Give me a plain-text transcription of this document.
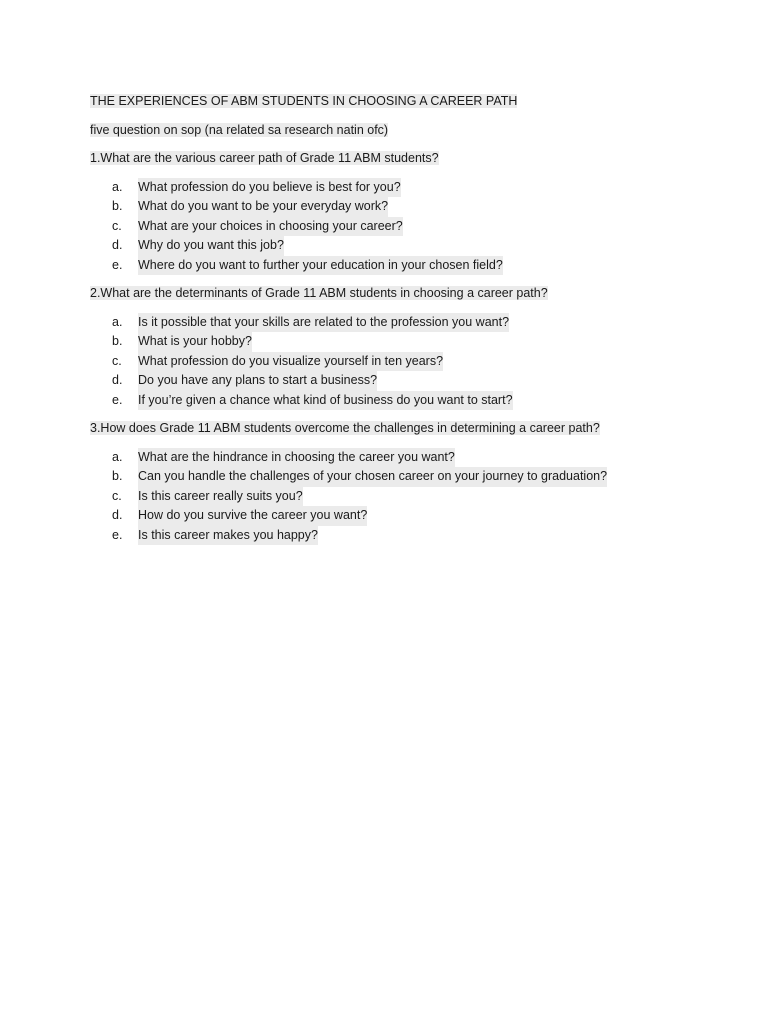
THE EXPERIENCES OF ABM STUDENTS IN CHOOSING A CAREER PATH

five question on sop (na related sa research natin ofc)

1.What are the various career path of Grade 11 ABM students?

a.	What profession do you believe is best for you?
b.	What do you want to be your everyday work?
c.	What are your choices in choosing your career?
d.	Why do you want this job?
e.	Where do you want to further your education in your chosen field?

2.What are the determinants of Grade 11 ABM students in choosing a career path?

a.	Is it possible that your skills are related to the profession you want?
b.	What is your hobby?
c.	What profession do you visualize yourself in ten years?
d.	Do you have any plans to start a business?
e.	If you’re given a chance what kind of business do you want to start?

3.How does Grade 11 ABM students overcome the challenges in determining a career path?

a.	What are the hindrance in choosing the career you want?
b.	Can you handle the challenges of your chosen career on your journey to graduation?
c.	Is this career really suits you?
d.	How do you survive the career you want?
e.	Is this career makes you happy?
